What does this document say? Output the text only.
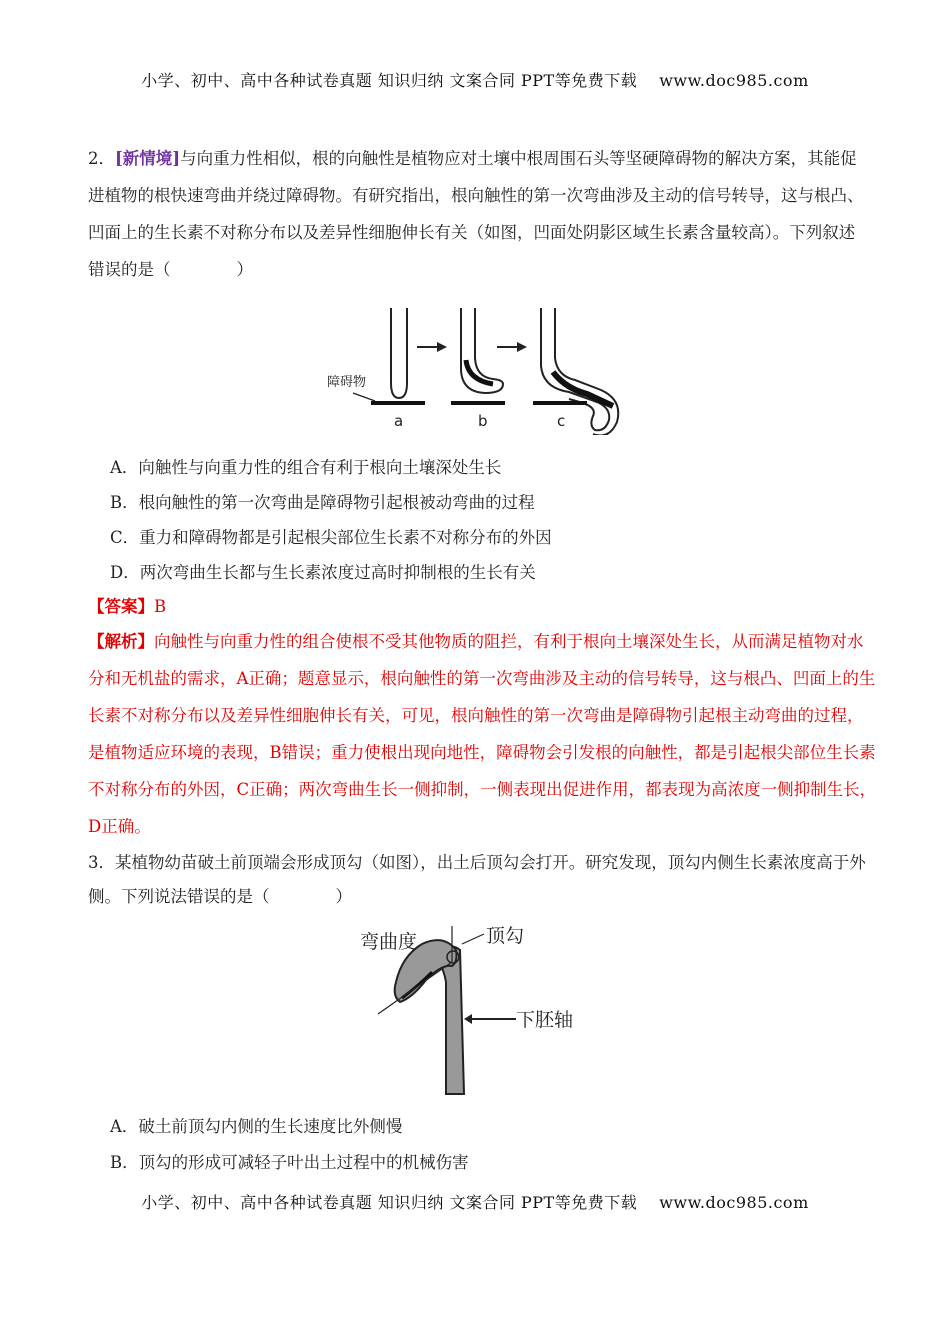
小学、初中、高中各种试卷真题 知识归纳 文案合同 PPT等免费下载 www.doc985.com

2．[新情境]与向重力性相似，根的向触性是植物应对土壤中根周围石头等坚硬障碍物的解决方案，其能促进植物的根快速弯曲并绕过障碍物。有研究指出，根向触性的第一次弯曲涉及主动的信号转导，这与根凸、凹面上的生长素不对称分布以及差异性细胞伸长有关（如图，凹面处阴影区域生长素含量较高）。下列叙述错误的是（　　　　）

障碍物
a	b	c
A．向触性与向重力性的组合有利于根向土壤深处生长
B．根向触性的第一次弯曲是障碍物引起根被动弯曲的过程
C．重力和障碍物都是引起根尖部位生长素不对称分布的外因
D．两次弯曲生长都与生长素浓度过高时抑制根的生长有关
【答案】B

【解析】向触性与向重力性的组合使根不受其他物质的阻拦，有利于根向土壤深处生长，从而满足植物对水分和无机盐的需求，A正确；题意显示，根向触性的第一次弯曲涉及主动的信号转导，这与根凸、凹面上的生长素不对称分布以及差异性细胞伸长有关，可见，根向触性的第一次弯曲是障碍物引起根主动弯曲的过程，是植物适应环境的表现，B错误；重力使根出现向地性，障碍物会引发根的向触性，都是引起根尖部位生长素不对称分布的外因，C正确；两次弯曲生长一侧抑制，一侧表现出促进作用，都表现为高浓度一侧抑制生长，D正确。

3．某植物幼苗破土前顶端会形成顶勾（如图），出土后顶勾会打开。研究发现，顶勾内侧生长素浓度高于外侧。下列说法错误的是（　　　　）

弯曲度	顶勾
下胚轴
A．破土前顶勾内侧的生长速度比外侧慢
B．顶勾的形成可减轻子叶出土过程中的机械伤害
小学、初中、高中各种试卷真题 知识归纳 文案合同 PPT等免费下载 www.doc985.com
